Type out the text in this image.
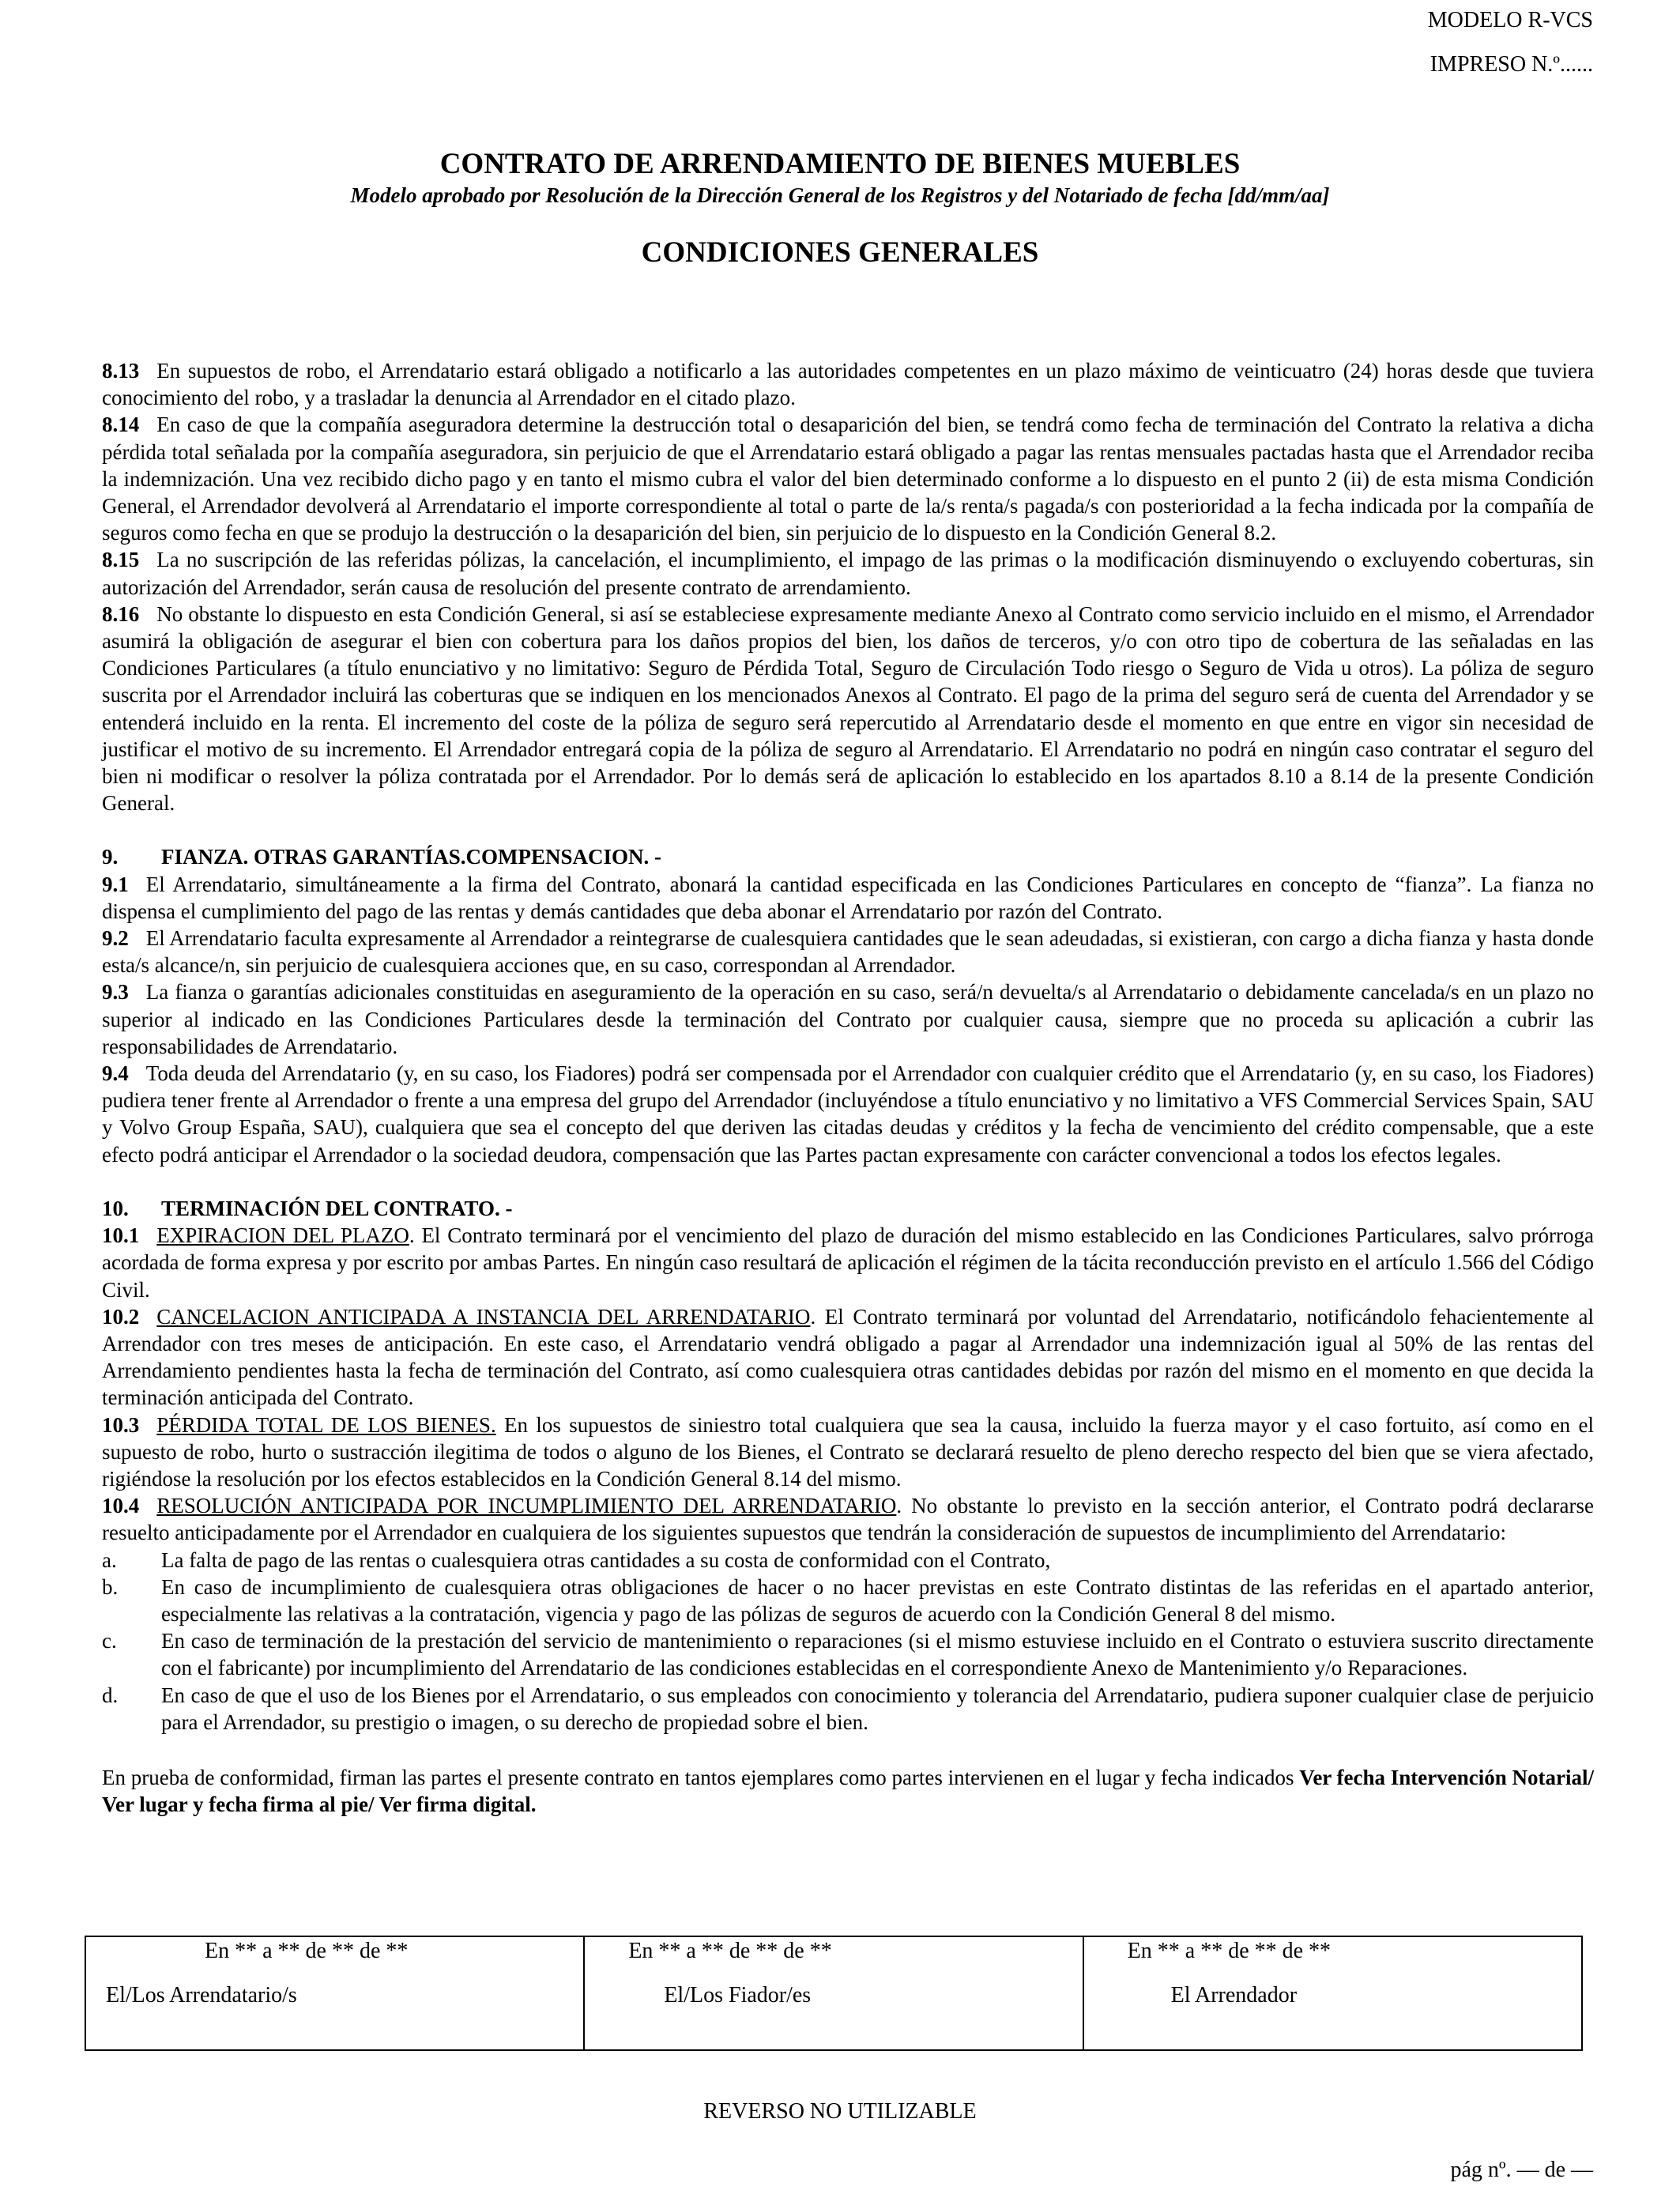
MODELO R-VCS
IMPRESO N.º......
CONTRATO DE ARRENDAMIENTO DE BIENES MUEBLES
Modelo aprobado por Resolución de la Dirección General de los Registros y del Notariado de fecha [dd/mm/aa]
CONDICIONES GENERALES

8.13 En supuestos de robo, el Arrendatario estará obligado a notificarlo a las autoridades competentes en un plazo máximo de veinticuatro (24) horas desde que tuviera conocimiento del robo, y a trasladar la denuncia al Arrendador en el citado plazo.

8.14 En caso de que la compañía aseguradora determine la destrucción total o desaparición del bien, se tendrá como fecha de terminación del Contrato la relativa a dicha pérdida total señalada por la compañía aseguradora, sin perjuicio de que el Arrendatario estará obligado a pagar las rentas mensuales pactadas hasta que el Arrendador reciba la indemnización. Una vez recibido dicho pago y en tanto el mismo cubra el valor del bien determinado conforme a lo dispuesto en el punto 2 (ii) de esta misma Condición General, el Arrendador devolverá al Arrendatario el importe correspondiente al total o parte de la/s renta/s pagada/s con posterioridad a la fecha indicada por la compañía de seguros como fecha en que se produjo la destrucción o la desaparición del bien, sin perjuicio de lo dispuesto en la Condición General 8.2.

8.15 La no suscripción de las referidas pólizas, la cancelación, el incumplimiento, el impago de las primas o la modificación disminuyendo o excluyendo coberturas, sin autorización del Arrendador, serán causa de resolución del presente contrato de arrendamiento.

8.16 No obstante lo dispuesto en esta Condición General, si así se estableciese expresamente mediante Anexo al Contrato como servicio incluido en el mismo, el Arrendador asumirá la obligación de asegurar el bien con cobertura para los daños propios del bien, los daños de terceros, y/o con otro tipo de cobertura de las señaladas en las Condiciones Particulares (a título enunciativo y no limitativo: Seguro de Pérdida Total, Seguro de Circulación Todo riesgo o Seguro de Vida u otros). La póliza de seguro suscrita por el Arrendador incluirá las coberturas que se indiquen en los mencionados Anexos al Contrato. El pago de la prima del seguro será de cuenta del Arrendador y se entenderá incluido en la renta. El incremento del coste de la póliza de seguro será repercutido al Arrendatario desde el momento en que entre en vigor sin necesidad de justificar el motivo de su incremento. El Arrendador entregará copia de la póliza de seguro al Arrendatario. El Arrendatario no podrá en ningún caso contratar el seguro del bien ni modificar o resolver la póliza contratada por el Arrendador. Por lo demás será de aplicación lo establecido en los apartados 8.10 a 8.14 de la presente Condición General.

9. FIANZA. OTRAS GARANTÍAS.COMPENSACION. -

9.1 El Arrendatario, simultáneamente a la firma del Contrato, abonará la cantidad especificada en las Condiciones Particulares en concepto de “fianza”. La fianza no dispensa el cumplimiento del pago de las rentas y demás cantidades que deba abonar el Arrendatario por razón del Contrato.

9.2 El Arrendatario faculta expresamente al Arrendador a reintegrarse de cualesquiera cantidades que le sean adeudadas, si existieran, con cargo a dicha fianza y hasta donde esta/s alcance/n, sin perjuicio de cualesquiera acciones que, en su caso, correspondan al Arrendador.

9.3 La fianza o garantías adicionales constituidas en aseguramiento de la operación en su caso, será/n devuelta/s al Arrendatario o debidamente cancelada/s en un plazo no superior al indicado en las Condiciones Particulares desde la terminación del Contrato por cualquier causa, siempre que no proceda su aplicación a cubrir las responsabilidades de Arrendatario.

9.4 Toda deuda del Arrendatario (y, en su caso, los Fiadores) podrá ser compensada por el Arrendador con cualquier crédito que el Arrendatario (y, en su caso, los Fiadores) pudiera tener frente al Arrendador o frente a una empresa del grupo del Arrendador (incluyéndose a título enunciativo y no limitativo a VFS Commercial Services Spain, SAU y Volvo Group España, SAU), cualquiera que sea el concepto del que deriven las citadas deudas y créditos y la fecha de vencimiento del crédito compensable, que a este efecto podrá anticipar el Arrendador o la sociedad deudora, compensación que las Partes pactan expresamente con carácter convencional a todos los efectos legales.

10. TERMINACIÓN DEL CONTRATO. -

10.1 EXPIRACION DEL PLAZO. El Contrato terminará por el vencimiento del plazo de duración del mismo establecido en las Condiciones Particulares, salvo prórroga acordada de forma expresa y por escrito por ambas Partes. En ningún caso resultará de aplicación el régimen de la tácita reconducción previsto en el artículo 1.566 del Código Civil.

10.2 CANCELACION ANTICIPADA A INSTANCIA DEL ARRENDATARIO. El Contrato terminará por voluntad del Arrendatario, notificándolo fehacientemente al Arrendador con tres meses de anticipación. En este caso, el Arrendatario vendrá obligado a pagar al Arrendador una indemnización igual al 50% de las rentas del Arrendamiento pendientes hasta la fecha de terminación del Contrato, así como cualesquiera otras cantidades debidas por razón del mismo en el momento en que decida la terminación anticipada del Contrato.

10.3 PÉRDIDA TOTAL DE LOS BIENES. En los supuestos de siniestro total cualquiera que sea la causa, incluido la fuerza mayor y el caso fortuito, así como en el supuesto de robo, hurto o sustracción ilegitima de todos o alguno de los Bienes, el Contrato se declarará resuelto de pleno derecho respecto del bien que se viera afectado, rigiéndose la resolución por los efectos establecidos en la Condición General 8.14 del mismo.

10.4 RESOLUCIÓN ANTICIPADA POR INCUMPLIMIENTO DEL ARRENDATARIO. No obstante lo previsto en la sección anterior, el Contrato podrá declararse resuelto anticipadamente por el Arrendador en cualquiera de los siguientes supuestos que tendrán la consideración de supuestos de incumplimiento del Arrendatario:

a.	La falta de pago de las rentas o cualesquiera otras cantidades a su costa de conformidad con el Contrato,
b.	En caso de incumplimiento de cualesquiera otras obligaciones de hacer o no hacer previstas en este Contrato distintas de las referidas en el apartado anterior, especialmente las relativas a la contratación, vigencia y pago de las pólizas de seguros de acuerdo con la Condición General 8 del mismo.
c.	En caso de terminación de la prestación del servicio de mantenimiento o reparaciones (si el mismo estuviese incluido en el Contrato o estuviera suscrito directamente con el fabricante) por incumplimiento del Arrendatario de las condiciones establecidas en el correspondiente Anexo de Mantenimiento y/o Reparaciones.
d.	En caso de que el uso de los Bienes por el Arrendatario, o sus empleados con conocimiento y tolerancia del Arrendatario, pudiera suponer cualquier clase de perjuicio para el Arrendador, su prestigio o imagen, o su derecho de propiedad sobre el bien.

En prueba de conformidad, firman las partes el presente contrato en tantos ejemplares como partes intervienen en el lugar y fecha indicados Ver fecha Intervención Notarial/ Ver lugar y fecha firma al pie/ Ver firma digital.

En ** a ** de ** de **
El/Los Arrendatario/s

En ** a ** de ** de **
El/Los Fiador/es

En ** a ** de ** de **
El Arrendador
REVERSO NO UTILIZABLE
pág nº. — de —
